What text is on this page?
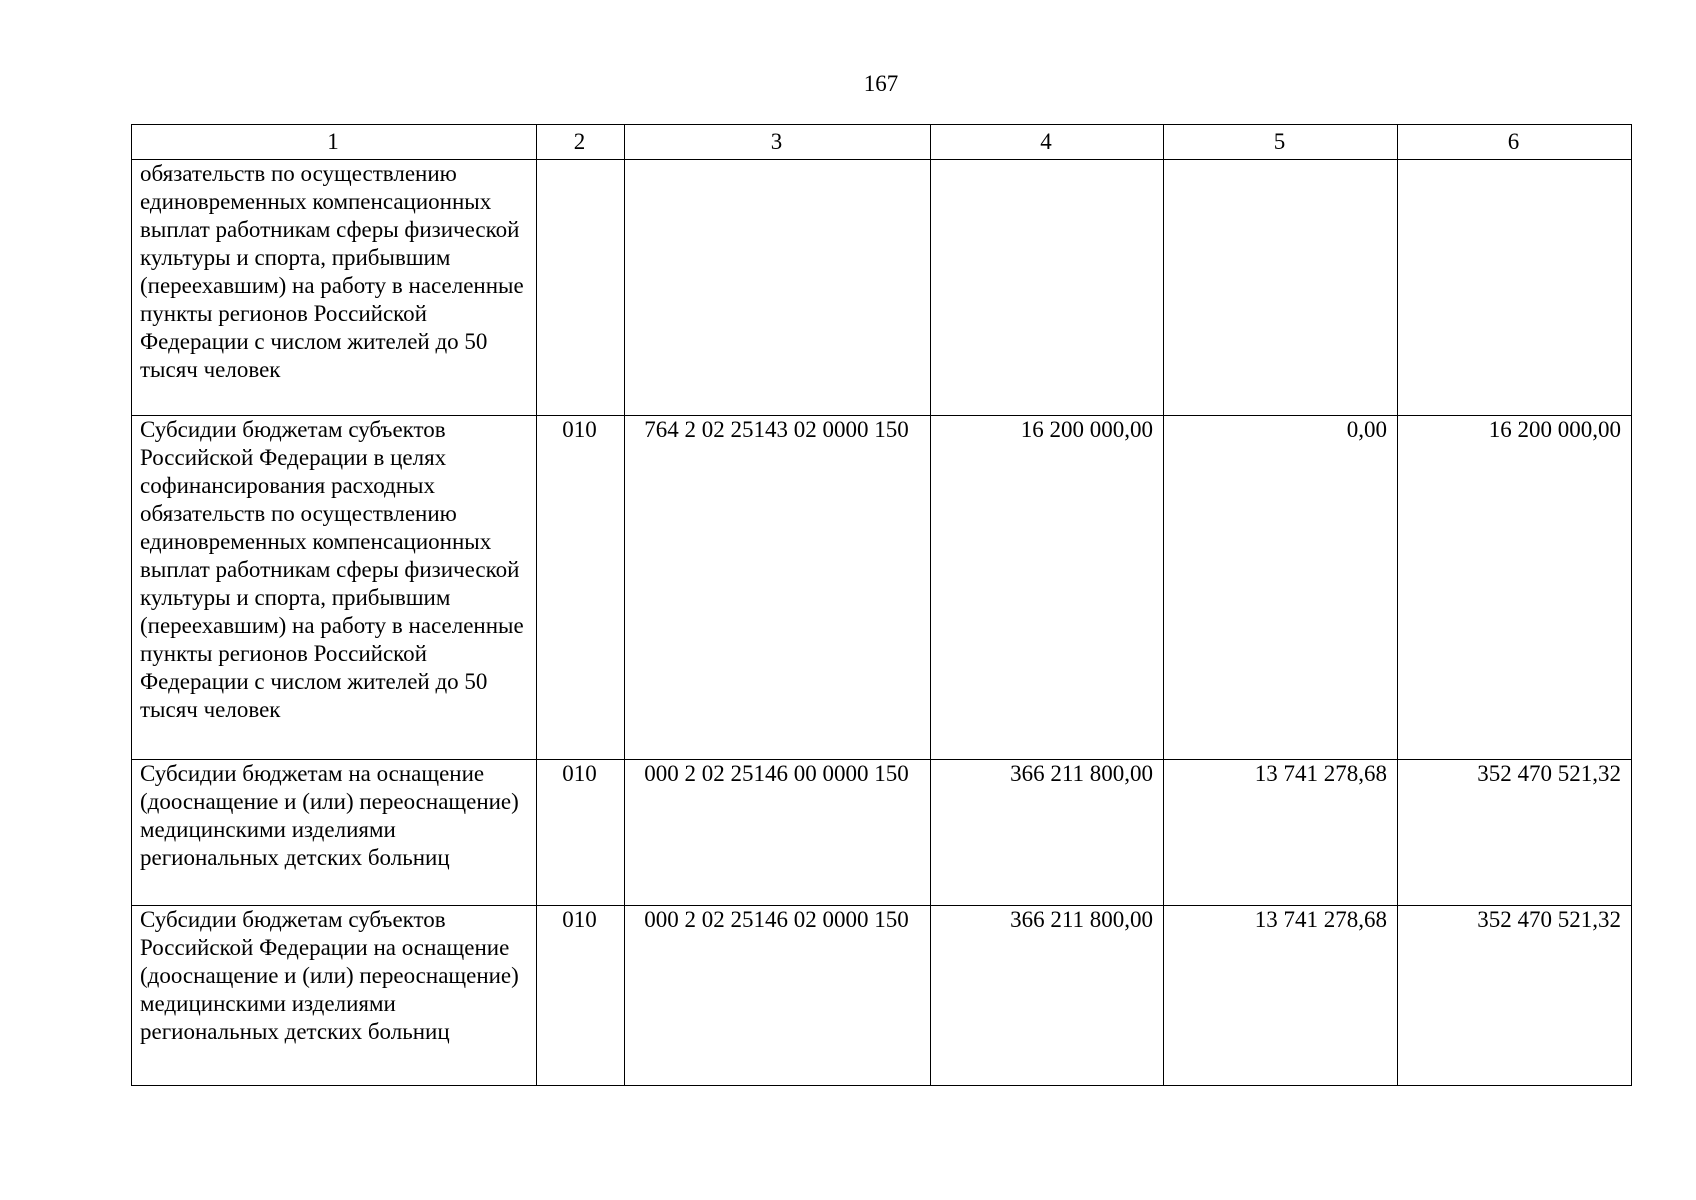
167
1	2	3	4	5	6
обязательств по осуществлению единовременных компенсационных выплат работникам сферы физической культуры и спорта, прибывшим (переехавшим) на работу в населенные пункты регионов Российской Федерации с числом жителей до 50 тысяч человек					
Субсидии бюджетам субъектов Российской Федерации в целях софинансирования расходных обязательств по осуществлению единовременных компенсационных выплат работникам сферы физической культуры и спорта, прибывшим (переехавшим) на работу в населенные пункты регионов Российской Федерации с числом жителей до 50 тысяч человек	010	764 2 02 25143 02 0000 150	16 200 000,00	0,00	16 200 000,00
Субсидии бюджетам на оснащение (дооснащение и (или) переоснащение) медицинскими изделиями региональных детских больниц	010	000 2 02 25146 00 0000 150	366 211 800,00	13 741 278,68	352 470 521,32
Субсидии бюджетам субъектов Российской Федерации на оснащение (дооснащение и (или) переоснащение) медицинскими изделиями региональных детских больниц	010	000 2 02 25146 02 0000 150	366 211 800,00	13 741 278,68	352 470 521,32
